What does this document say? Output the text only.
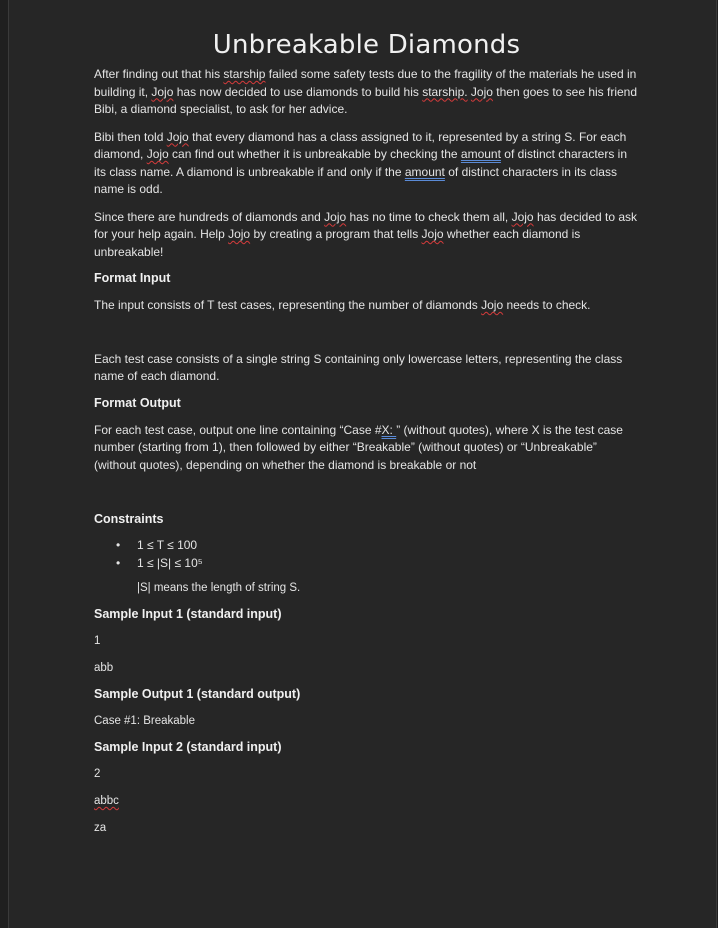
Unbreakable Diamonds

After finding out that his starship failed some safety tests due to the fragility of the materials he used in building it, Jojo has now decided to use diamonds to build his starship. Jojo then goes to see his friend Bibi, a diamond specialist, to ask for her advice.

Bibi then told Jojo that every diamond has a class assigned to it, represented by a string S. For each diamond, Jojo can find out whether it is unbreakable by checking the amount of distinct characters in its class name. A diamond is unbreakable if and only if the amount of distinct characters in its class name is odd.

Since there are hundreds of diamonds and Jojo has no time to check them all, Jojo has decided to ask for your help again. Help Jojo by creating a program that tells Jojo whether each diamond is unbreakable!

Format Input

The input consists of T test cases, representing the number of diamonds Jojo needs to check.

Each test case consists of a single string S containing only lowercase letters, representing the class name of each diamond.

Format Output

For each test case, output one line containing “Case #X: ” (without quotes), where X is the test case number (starting from 1), then followed by either “Breakable” (without quotes) or “Unbreakable” (without quotes), depending on whether the diamond is breakable or not

Constraints
• 1 ≤ T ≤ 100
• 1 ≤ |S| ≤ 10⁵
|S| means the length of string S.
Sample Input 1 (standard input)
1
abb
Sample Output 1 (standard output)
Case #1: Breakable
Sample Input 2 (standard input)
2
abbc
za
